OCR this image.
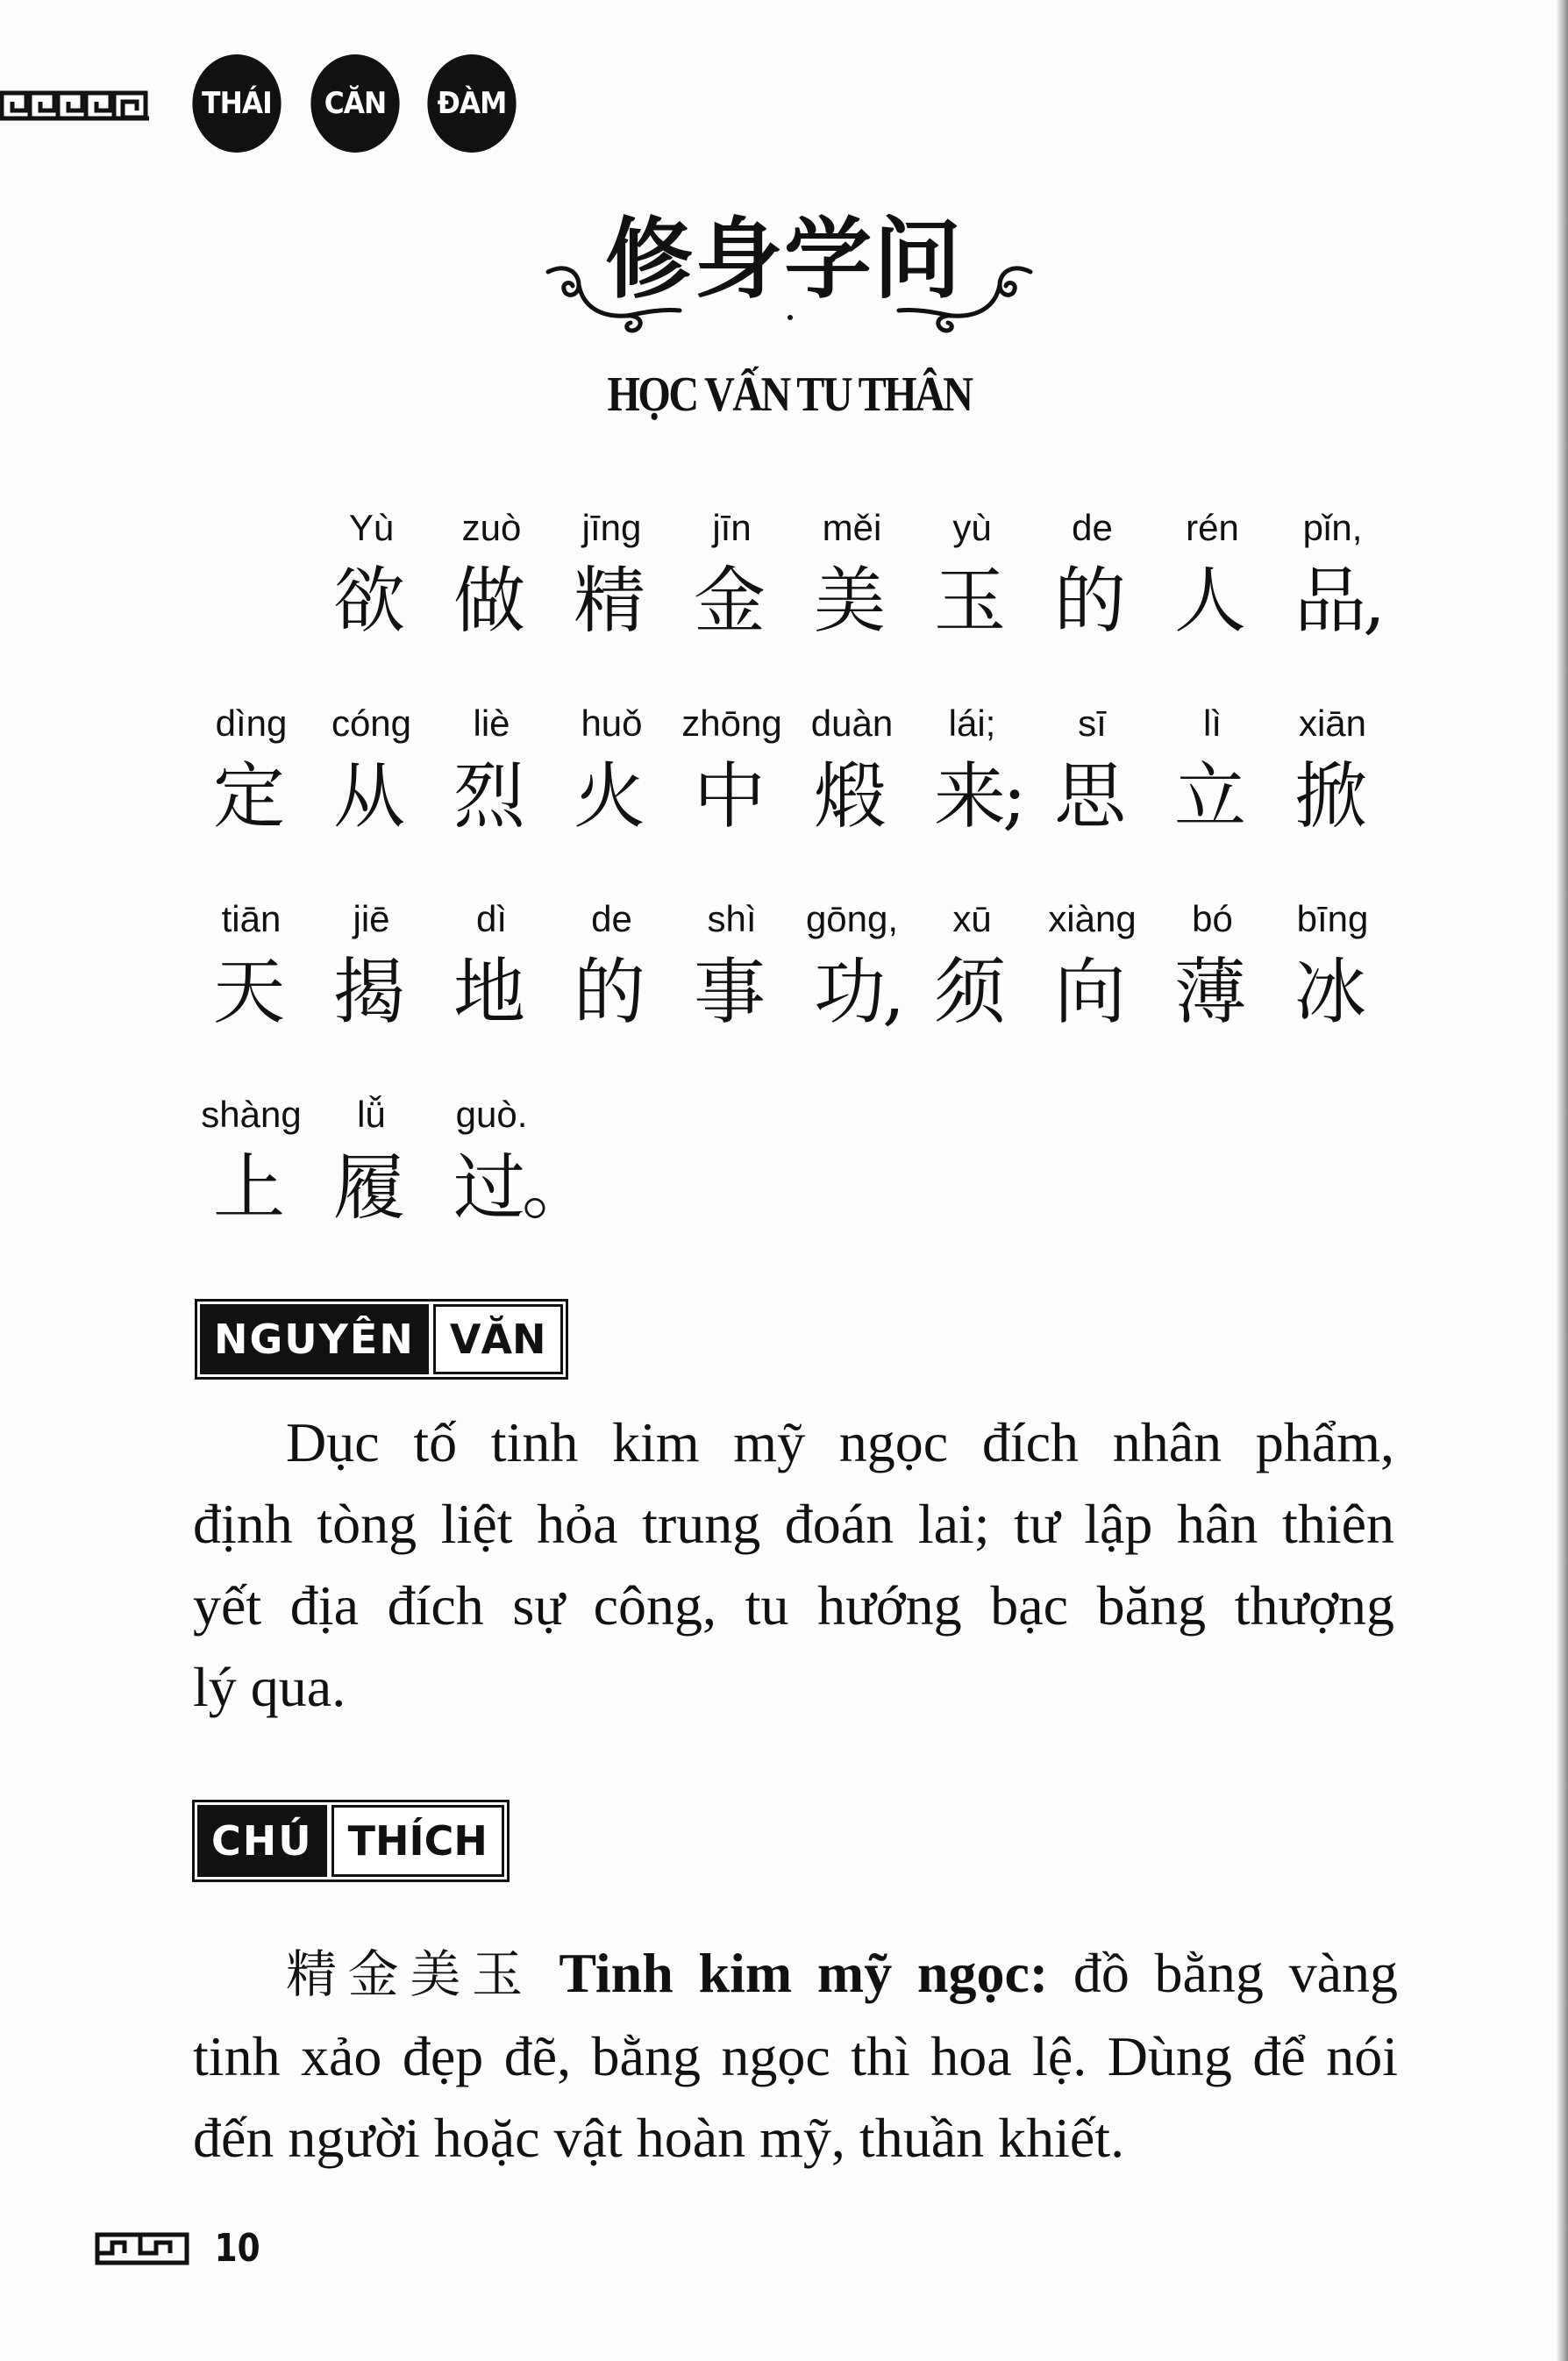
THÁI	CĂN	ĐÀM
修身学问
HỌC VẤN TU THÂN
Yù
欲
zuò
做
jīng
精
jīn
金
měi
美
yù
玉
de
的
rén
人
pǐn,
品,
dìng
定
cóng
从
liè
烈
huǒ
火
zhōng
中
duàn
煅
lái;
来;
sī
思
lì
立
xiān
掀
tiān
天
jiē
揭
dì
地
de
的
shì
事
gōng,
功,
xū
须
xiàng
向
bó
薄
bīng
冰
shàng
上
lǚ
履
guò.
过。
NGUYÊN VĂN
Dục tố tinh kim mỹ ngọc đích nhân phẩm,
định tòng liệt hỏa trung đoán lai; tư lập hân thiên
yết địa đích sự công, tu hướng bạc băng thượng
lý qua.
CHÚ THÍCH
精金美玉 Tinh kim mỹ ngọc: đồ bằng vàng
tinh xảo đẹp đẽ, bằng ngọc thì hoa lệ. Dùng để nói
đến người hoặc vật hoàn mỹ, thuần khiết.
10
